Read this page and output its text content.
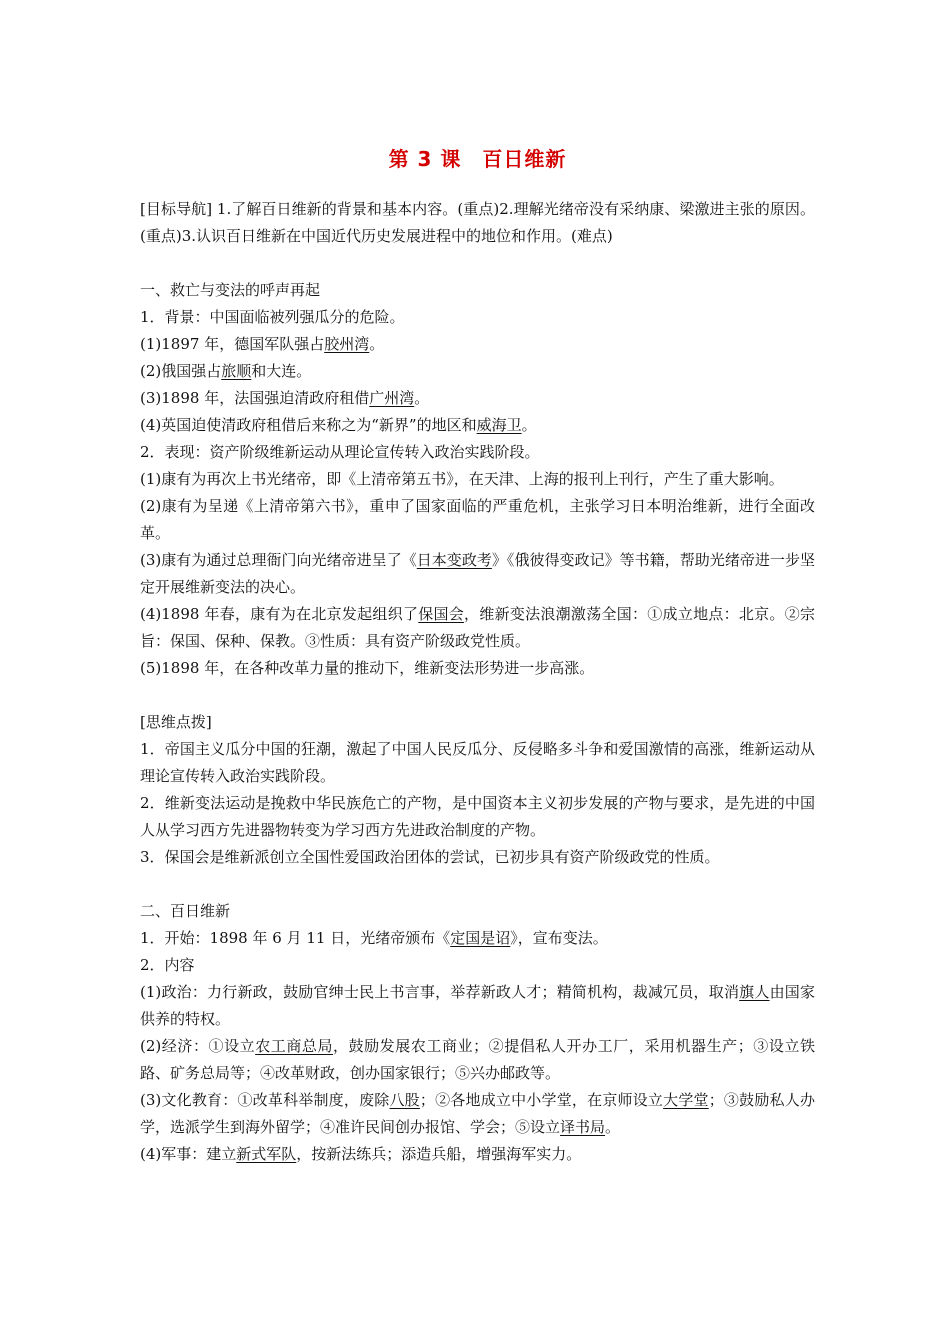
第 3 课　百日维新

[目标导航] 1.了解百日维新的背景和基本内容。(重点)2.理解光绪帝没有采纳康、梁激进主张的原因。(重点)3.认识百日维新在中国近代历史发展进程中的地位和作用。(难点)

一、救亡与变法的呼声再起

1．背景：中国面临被列强瓜分的危险。

(1)1897 年，德国军队强占胶州湾。

(2)俄国强占旅顺和大连。

(3)1898 年，法国强迫清政府租借广州湾。

(4)英国迫使清政府租借后来称之为“新界”的地区和威海卫。

2．表现：资产阶级维新运动从理论宣传转入政治实践阶段。

(1)康有为再次上书光绪帝，即《上清帝第五书》，在天津、上海的报刊上刊行，产生了重大影响。

(2)康有为呈递《上清帝第六书》，重申了国家面临的严重危机，主张学习日本明治维新，进行全面改革。

(3)康有为通过总理衙门向光绪帝进呈了《日本变政考》《俄彼得变政记》等书籍，帮助光绪帝进一步坚定开展维新变法的决心。

(4)1898 年春，康有为在北京发起组织了保国会，维新变法浪潮激荡全国：①成立地点：北京。②宗旨：保国、保种、保教。③性质：具有资产阶级政党性质。

(5)1898 年，在各种改革力量的推动下，维新变法形势进一步高涨。

[思维点拨]

1．帝国主义瓜分中国的狂潮，激起了中国人民反瓜分、反侵略多斗争和爱国激情的高涨，维新运动从理论宣传转入政治实践阶段。

2．维新变法运动是挽救中华民族危亡的产物，是中国资本主义初步发展的产物与要求，是先进的中国人从学习西方先进器物转变为学习西方先进政治制度的产物。

3．保国会是维新派创立全国性爱国政治团体的尝试，已初步具有资产阶级政党的性质。

二、百日维新

1．开始：1898 年 6 月 11 日，光绪帝颁布《定国是诏》，宣布变法。

2．内容

(1)政治：力行新政，鼓励官绅士民上书言事，举荐新政人才；精简机构，裁减冗员，取消旗人由国家供养的特权。

(2)经济：①设立农工商总局，鼓励发展农工商业；②提倡私人开办工厂，采用机器生产；③设立铁路、矿务总局等；④改革财政，创办国家银行；⑤兴办邮政等。

(3)文化教育：①改革科举制度，废除八股；②各地成立中小学堂，在京师设立大学堂；③鼓励私人办学，选派学生到海外留学；④准许民间创办报馆、学会；⑤设立译书局。

(4)军事：建立新式军队，按新法练兵；添造兵船，增强海军实力。
